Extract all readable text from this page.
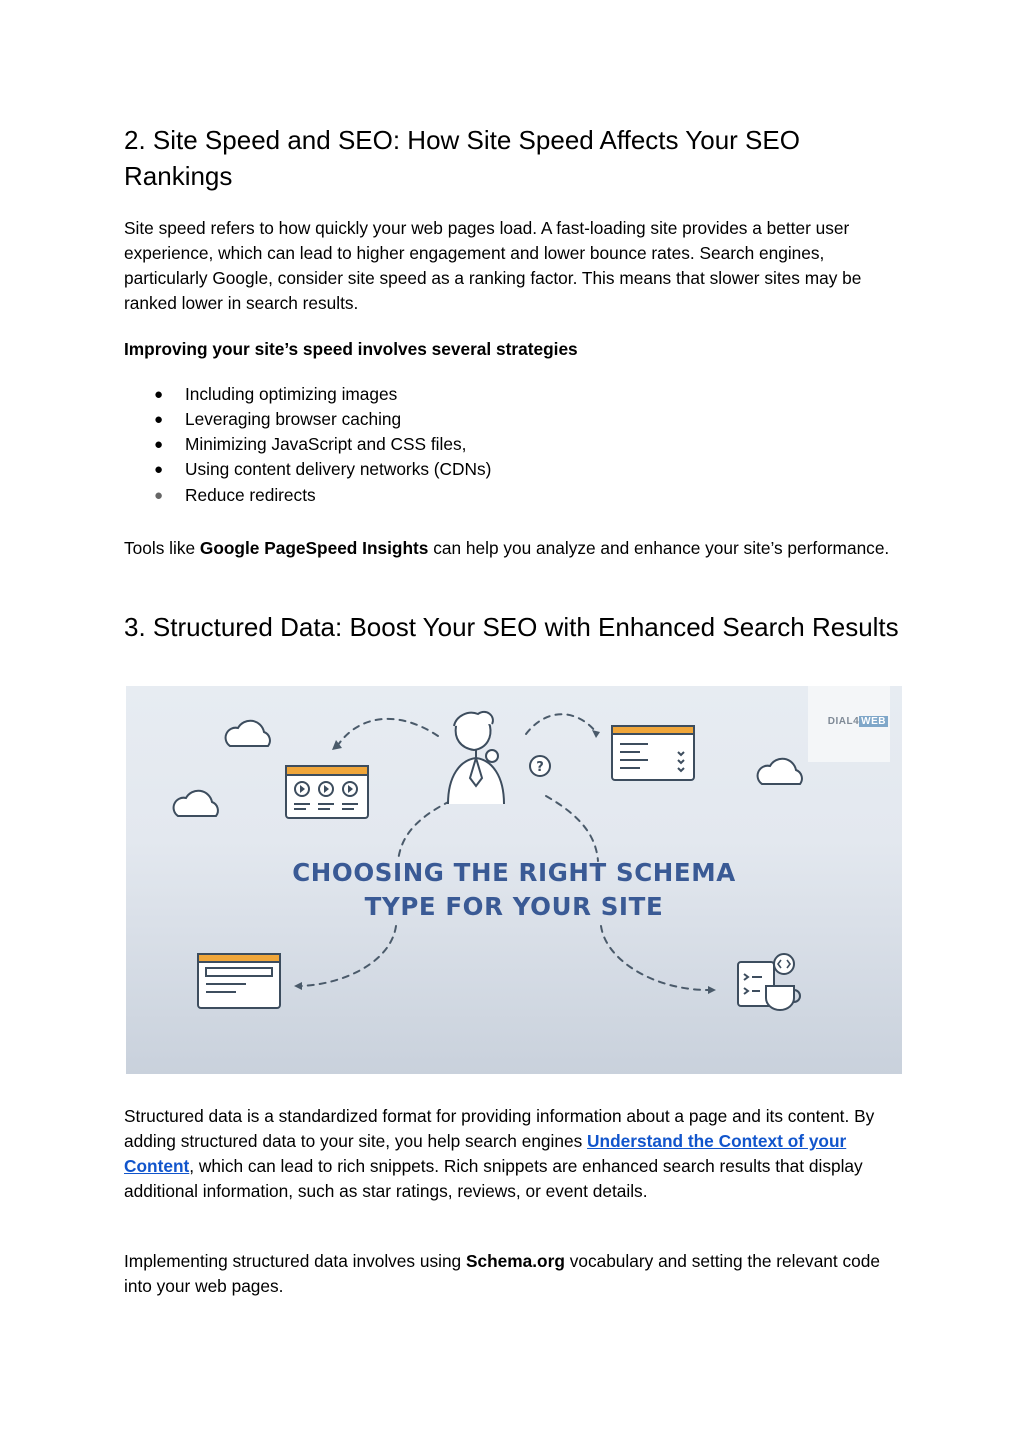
2. Site Speed and SEO: How Site Speed Affects Your SEO Rankings

Site speed refers to how quickly your web pages load. A fast-loading site provides a better user experience, which can lead to higher engagement and lower bounce rates. Search engines, particularly Google, consider site speed as a ranking factor. This means that slower sites may be ranked lower in search results.

Improving your site’s speed involves several strategies

● Including optimizing images
● Leveraging browser caching
● Minimizing JavaScript and CSS files,
● Using content delivery networks (CDNs)
● Reduce redirects

Tools like Google PageSpeed Insights can help you analyze and enhance your site’s performance.

3. Structured Data: Boost Your SEO with Enhanced Search Results

Structured data is a standardized format for providing information about a page and its content. By adding structured data to your site, you help search engines Understand the Context of your Content, which can lead to rich snippets. Rich snippets are enhanced search results that display additional information, such as star ratings, reviews, or event details.

Implementing structured data involves using Schema.org vocabulary and setting the relevant code into your web pages.

?
DIAL4 WEB
CHOOSING THE RIGHT SCHEMA
TYPE FOR YOUR SITE
